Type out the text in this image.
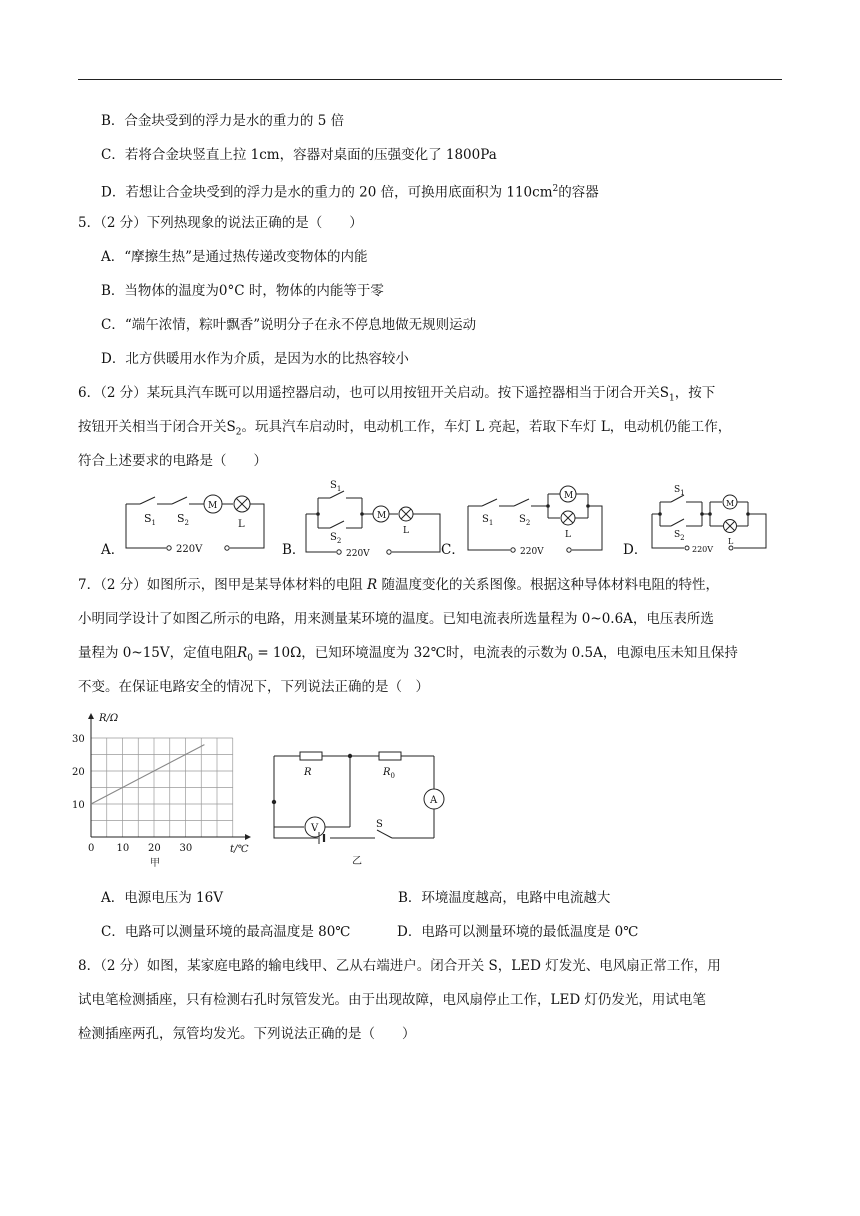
B．合金块受到的浮力是水的重力的 5 倍
C．若将合金块竖直上拉 1cm，容器对桌面的压强变化了 1800Pa
D．若想让合金块受到的浮力是水的重力的 20 倍，可换用底面积为 $110cm^2$的容器
5．（2 分）下列热现象的说法正确的是（　　）
A．“摩擦生热”是通过热传递改变物体的内能
B．当物体的温度为0°C 时，物体的内能等于零
C．“端午浓情，粽叶飘香”说明分子在永不停息地做无规则运动
D．北方供暖用水作为介质，是因为水的比热容较小
6．（2 分）某玩具汽车既可以用遥控器启动，也可以用按钮开关启动。按下遥控器相当于闭合开关$S_1$，按下
按钮开关相当于闭合开关$S_2$。玩具汽车启动时，电动机工作，车灯 L 亮起，若取下车灯 L，电动机仍能工作，
符合上述要求的电路是（　　）
A．	B．	C．	D．
$S_1$ $S_2$
M
L
220V
$S_1$
$S_2$
M
L
220V
$S_1$	$S_2$
M
L
220V
$S_1$
$S_2$
M
L
220V
7．（2 分）如图所示，图甲是某导体材料的电阻 R 随温度变化的关系图像。根据这种导体材料电阻的特性，
小明同学设计了如图乙所示的电路，用来测量某环境的温度。已知电流表所选量程为 0~0.6A，电压表所选
量程为 0~15V，定值电阻$R_0 = 10\Omega$，已知环境温度为 32℃时，电流表的示数为 0.5A，电源电压未知且保持
不变。在保证电路安全的情况下，下列说法正确的是（　）
0 10 20 30
10
20
30
R/Ω
t/℃
甲
R	$R_0$
V
A
S
乙
A．电源电压为 16V	B．环境温度越高，电路中电流越大
C．电路可以测量环境的最高温度是 80℃	D．电路可以测量环境的最低温度是 0℃
8．（2 分）如图，某家庭电路的输电线甲、乙从右端进户。闭合开关 S，LED 灯发光、电风扇正常工作，用
试电笔检测插座，只有检测右孔时氖管发光。由于出现故障，电风扇停止工作，LED 灯仍发光，用试电笔
检测插座两孔，氖管均发光。下列说法正确的是（　　）
